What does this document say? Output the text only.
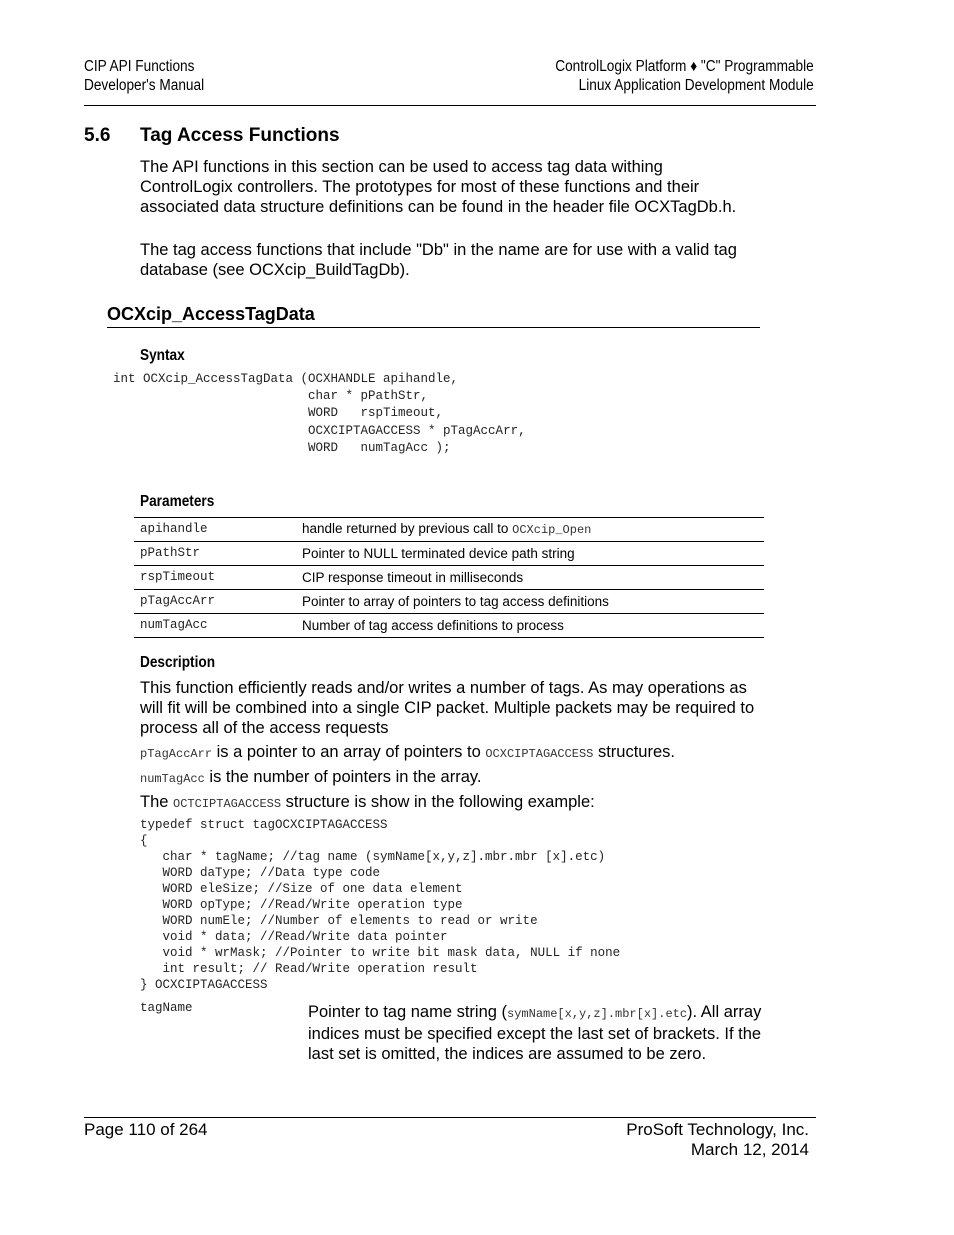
CIP API Functions
Developer's Manual
ControlLogix Platform ♦ "C" Programmable
Linux Application Development Module
5.6 Tag Access Functions
The API functions in this section can be used to access tag data withing ControlLogix controllers. The prototypes for most of these functions and their associated data structure definitions can be found in the header file OCXTagDb.h.
The tag access functions that include "Db" in the name are for use with a valid tag database (see OCXcip_BuildTagDb).
OCXcip_AccessTagData
Syntax
int OCXcip_AccessTagData (OCXHANDLE apihandle,
char * pPathStr,
WORD   rspTimeout,
OCXCIPTAGACCESS * pTagAccArr,
WORD   numTagAcc );
Parameters
apihandle	handle returned by previous call to OCXcip_Open
pPathStr	Pointer to NULL terminated device path string
rspTimeout	CIP response timeout in milliseconds
pTagAccArr	Pointer to array of pointers to tag access definitions
numTagAcc	Number of tag access definitions to process
Description
This function efficiently reads and/or writes a number of tags. As may operations as will fit will be combined into a single CIP packet. Multiple packets may be required to process all of the access requests
pTagAccArr is a pointer to an array of pointers to OCXCIPTAGACCESS structures.
numTagAcc is the number of pointers in the array.
The OCTCIPTAGACCESS structure is show in the following example:
typedef struct tagOCXCIPTAGACCESS
{
char * tagName; //tag name (symName[x,y,z].mbr.mbr [x].etc)
WORD daType; //Data type code
WORD eleSize; //Size of one data element
WORD opType; //Read/Write operation type
WORD numEle; //Number of elements to read or write
void * data; //Read/Write data pointer
void * wrMask; //Pointer to write bit mask data, NULL if none
int result; // Read/Write operation result
} OCXCIPTAGACCESS
tagName	Pointer to tag name string (symName[x,y,z].mbr[x].etc). All array indices must be specified except the last set of brackets. If the last set is omitted, the indices are assumed to be zero.
Page 110 of 264	ProSoft Technology, Inc.
March 12, 2014
